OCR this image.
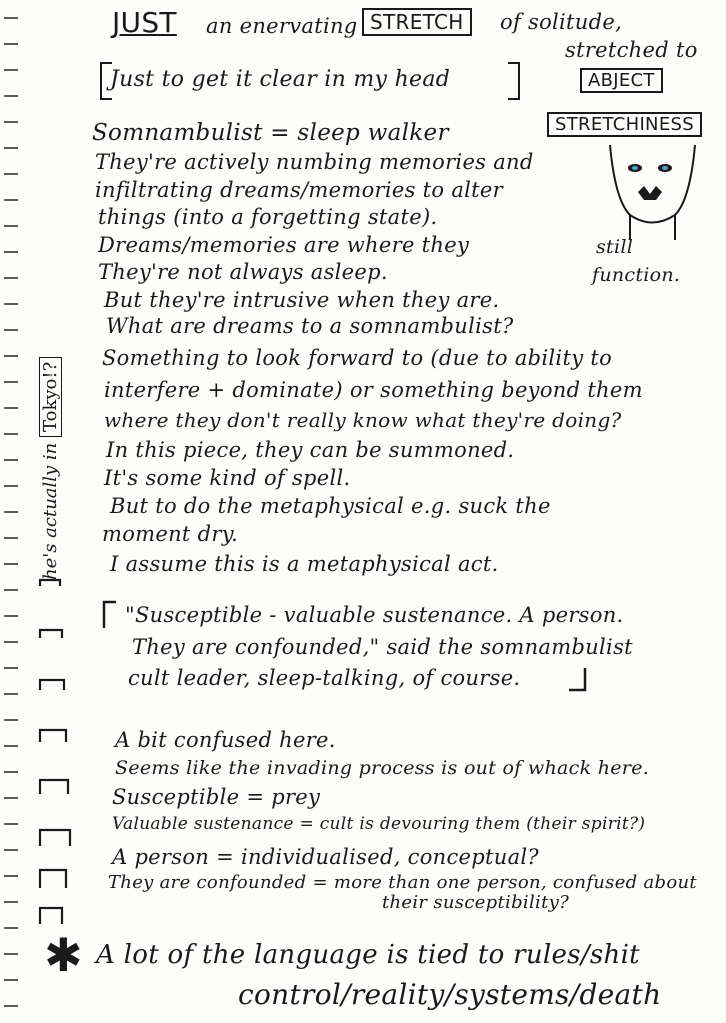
JUST an enervating STRETCH	of solitude,
stretched to
Just to get it clear in my head	ABJECT
STRETCHINESS
Somnambulist = sleep walker
They're actively numbing memories and
infiltrating dreams/memories to alter
things (into a forgetting state).
Dreams/memories are where they	still
function.
They're not always asleep.
But they're intrusive when they are.
What are dreams to a somnambulist?
Something to look forward to (due to ability to
interfere + dominate) or something beyond them
where they don't really know what they're doing?
In this piece, they can be summoned.
It's some kind of spell.
But to do the metaphysical e.g. suck the
moment dry.
I assume this is a metaphysical act.
"Susceptible - valuable sustenance. A person.
They are confounded," said the somnambulist
cult leader, sleep-talking, of course.
A bit confused here.
Seems like the invading process is out of whack here.
Susceptible = prey
Valuable sustenance = cult is devouring them (their spirit?)
A person = individualised, conceptual?
They are confounded = more than one person, confused about
their susceptibility?
✱ A lot of the language is tied to rules/shit
control/reality/systems/death
he's actually in Tokyo!?
